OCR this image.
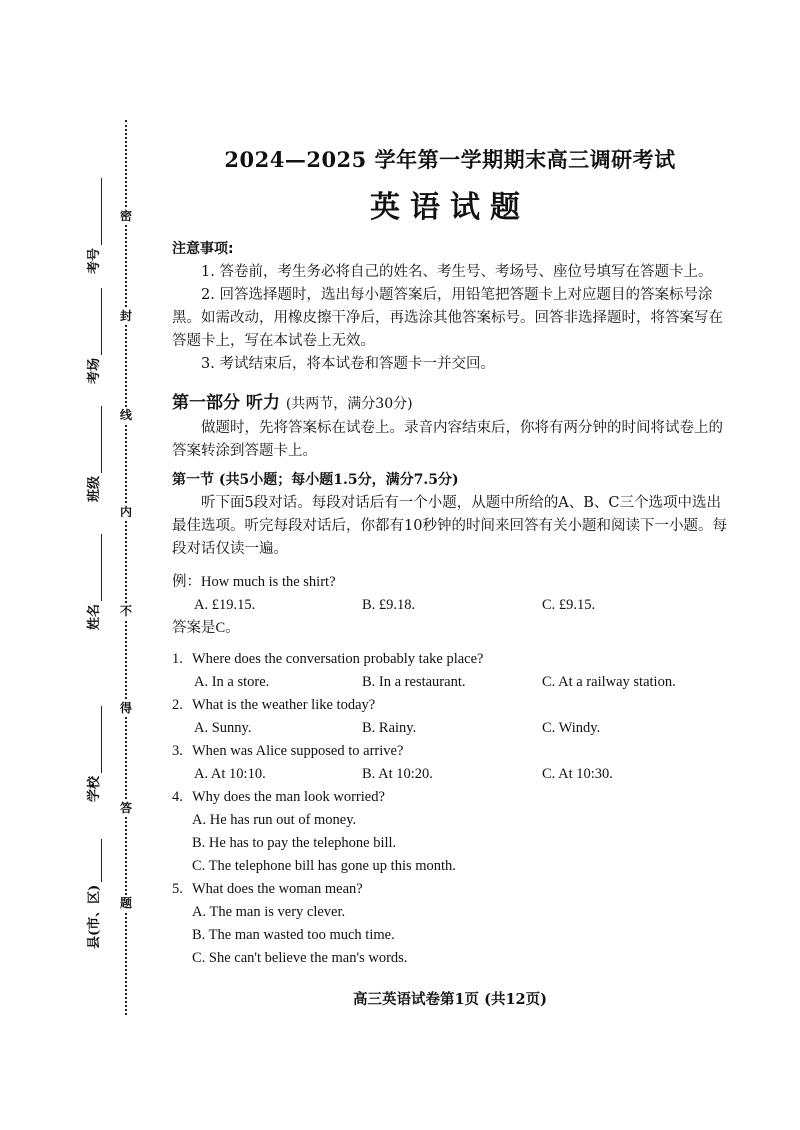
密
封
线
内
不
得
答
题
考号
考场
班级
姓名
学校
县(市、区)
2024—2025 学年第一学期期末高三调研考试
英语试题
注意事项:
1. 答卷前，考生务必将自己的姓名、考生号、考场号、座位号填写在答题卡上。
2. 回答选择题时，选出每小题答案后，用铅笔把答题卡上对应题目的答案标号涂黑。如需改动，用橡皮擦干净后，再选涂其他答案标号。回答非选择题时，将答案写在答题卡上，写在本试卷上无效。
3. 考试结束后，将本试卷和答题卡一并交回。
第一部分 听力 (共两节，满分30分)
做题时，先将答案标在试卷上。录音内容结束后，你将有两分钟的时间将试卷上的答案转涂到答题卡上。
第一节 (共5小题；每小题1.5分，满分7.5分)
听下面5段对话。每段对话后有一个小题，从题中所给的A、B、C三个选项中选出最佳选项。听完每段对话后，你都有10秒钟的时间来回答有关小题和阅读下一小题。每段对话仅读一遍。
例：How much is the shirt?
A. £19.15.	B. £9.18.	C. £9.15.
答案是C。
1. Where does the conversation probably take place?
A. In a store.	B. In a restaurant.	C. At a railway station.
2. What is the weather like today?
A. Sunny.	B. Rainy.	C. Windy.
3. When was Alice supposed to arrive?
A. At 10:10.	B. At 10:20.	C. At 10:30.
4. Why does the man look worried?
A. He has run out of money.
B. He has to pay the telephone bill.
C. The telephone bill has gone up this month.
5. What does the woman mean?
A. The man is very clever.
B. The man wasted too much time.
C. She can't believe the man's words.
高三英语试卷第1页 (共12页)
